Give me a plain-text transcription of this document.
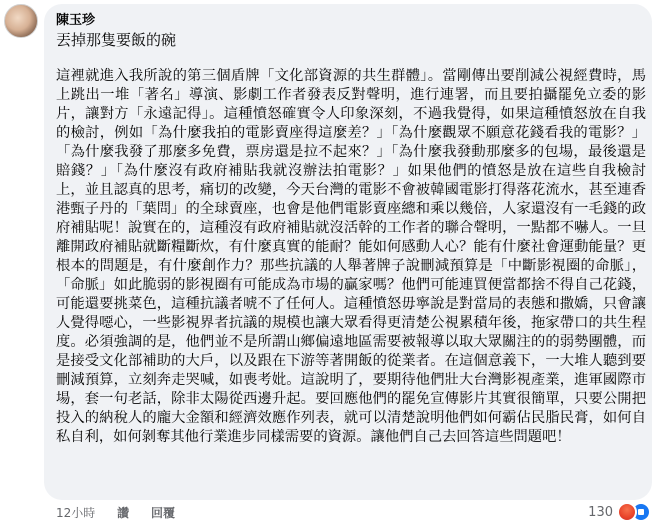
陳玉珍
丟掉那隻要飯的碗
這裡就進入我所說的第三個盾牌「文化部資源的共生群體」。當剛傳出要削減公視經費時，馬上跳出一堆「著名」導演、影劇工作者發表反對聲明，進行連署，而且要拍攝罷免立委的影片，讓對方「永遠記得」。這種憤怒確實令人印象深刻，不過我覺得，如果這種憤怒放在自我的檢討，例如「為什麼我拍的電影賣座得這麼差？」「為什麼觀眾不願意花錢看我的電影？」「為什麼我發了那麼多免費，票房還是拉不起來？」「為什麼我發動那麼多的包場，最後還是賠錢？」「為什麼沒有政府補貼我就沒辦法拍電影？」如果他們的憤怒是放在這些自我檢討上，並且認真的思考，痛切的改變，今天台灣的電影不會被韓國電影打得落花流水，甚至連香港甄子丹的「葉問」的全球賣座，也會是他們電影賣座總和乘以幾倍，人家還沒有一毛錢的政府補貼呢！說實在的，這種沒有政府補貼就沒活幹的工作者的聯合聲明，一點都不嚇人。一旦離開政府補貼就斷糧斷炊，有什麼真實的能耐？能如何感動人心？能有什麼社會運動能量？更根本的問題是，有什麼創作力？那些抗議的人舉著牌子說刪減預算是「中斷影視圈的命脈」，「命脈」如此脆弱的影視圈有可能成為市場的贏家嗎？他們可能連買便當都捨不得自己花錢，可能還要挑菜色，這種抗議者唬不了任何人。這種憤怒毋寧說是對當局的表態和撒嬌，只會讓人覺得噁心，一些影視界者抗議的規模也讓大眾看得更清楚公視累積年後，拖家帶口的共生程度。必須強調的是，他們並不是所謂山鄉偏遠地區需要被報導以取大眾關注的的弱勢團體，而是接受文化部補助的大戶，以及跟在下游等著開飯的從業者。在這個意義下，一大堆人聽到要刪減預算，立刻奔走哭喊，如喪考妣。這說明了，要期待他們壯大台灣影視產業，進軍國際市場，套一句老話，除非太陽從西邊升起。要回應他們的罷免宣傳影片其實很簡單，只要公開把投入的納稅人的龐大金額和經濟效應作列表，就可以清楚說明他們如何霸佔民脂民膏，如何自私自利，如何剝奪其他行業進步同樣需要的資源。讓他們自己去回答這些問題吧！
12小時 讚 回覆	130
